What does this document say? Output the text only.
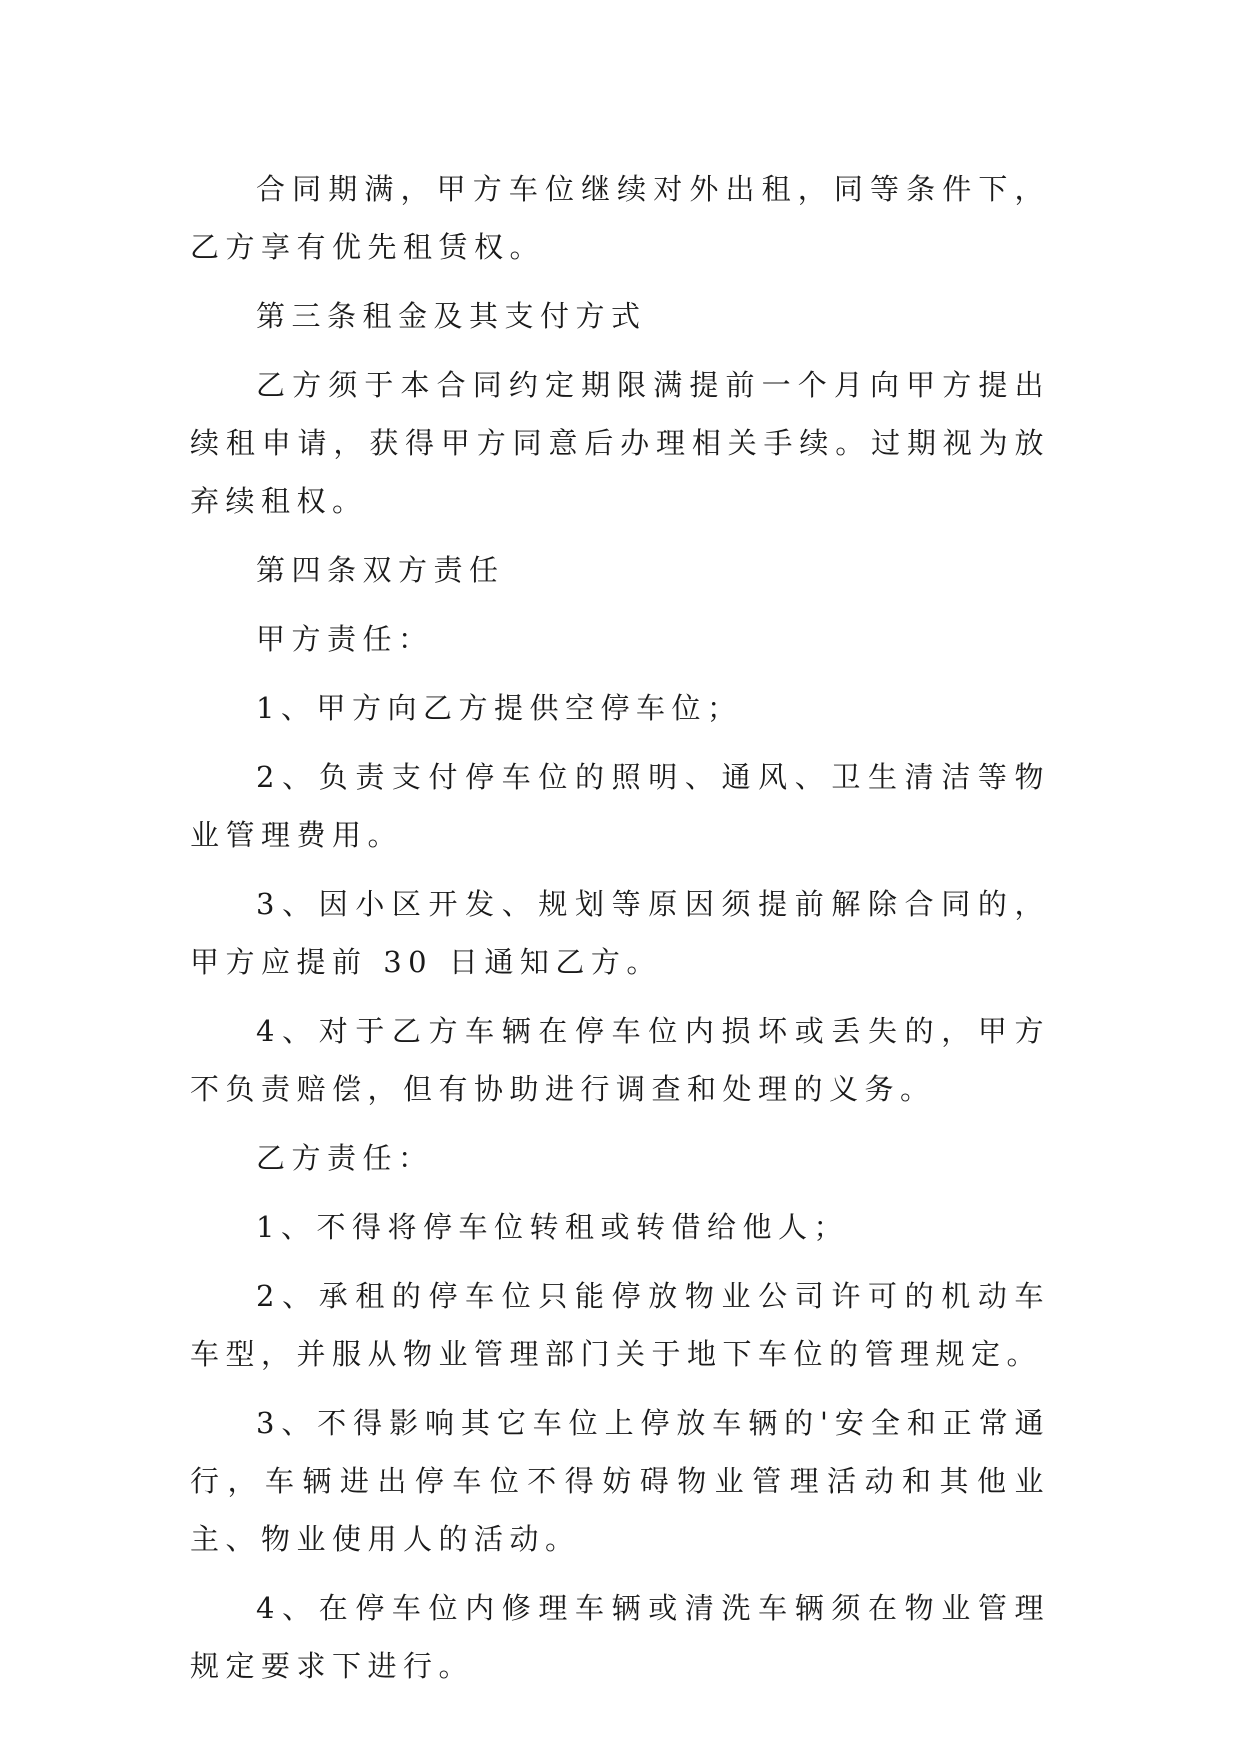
合同期满，甲方车位继续对外出租，同等条件下，乙方享有优先租赁权。

第三条租金及其支付方式

乙方须于本合同约定期限满提前一个月向甲方提出续租申请，获得甲方同意后办理相关手续。过期视为放弃续租权。

第四条双方责任

甲方责任：

1、甲方向乙方提供空停车位；

2、负责支付停车位的照明、通风、卫生清洁等物业管理费用。

3、因小区开发、规划等原因须提前解除合同的，甲方应提前 30 日通知乙方。

4、对于乙方车辆在停车位内损坏或丢失的，甲方不负责赔偿，但有协助进行调查和处理的义务。

乙方责任：

1、不得将停车位转租或转借给他人；

2、承租的停车位只能停放物业公司许可的机动车车型，并服从物业管理部门关于地下车位的管理规定。

3、不得影响其它车位上停放车辆的'安全和正常通行，车辆进出停车位不得妨碍物业管理活动和其他业主、物业使用人的活动。

4、在停车位内修理车辆或清洗车辆须在物业管理规定要求下进行。
